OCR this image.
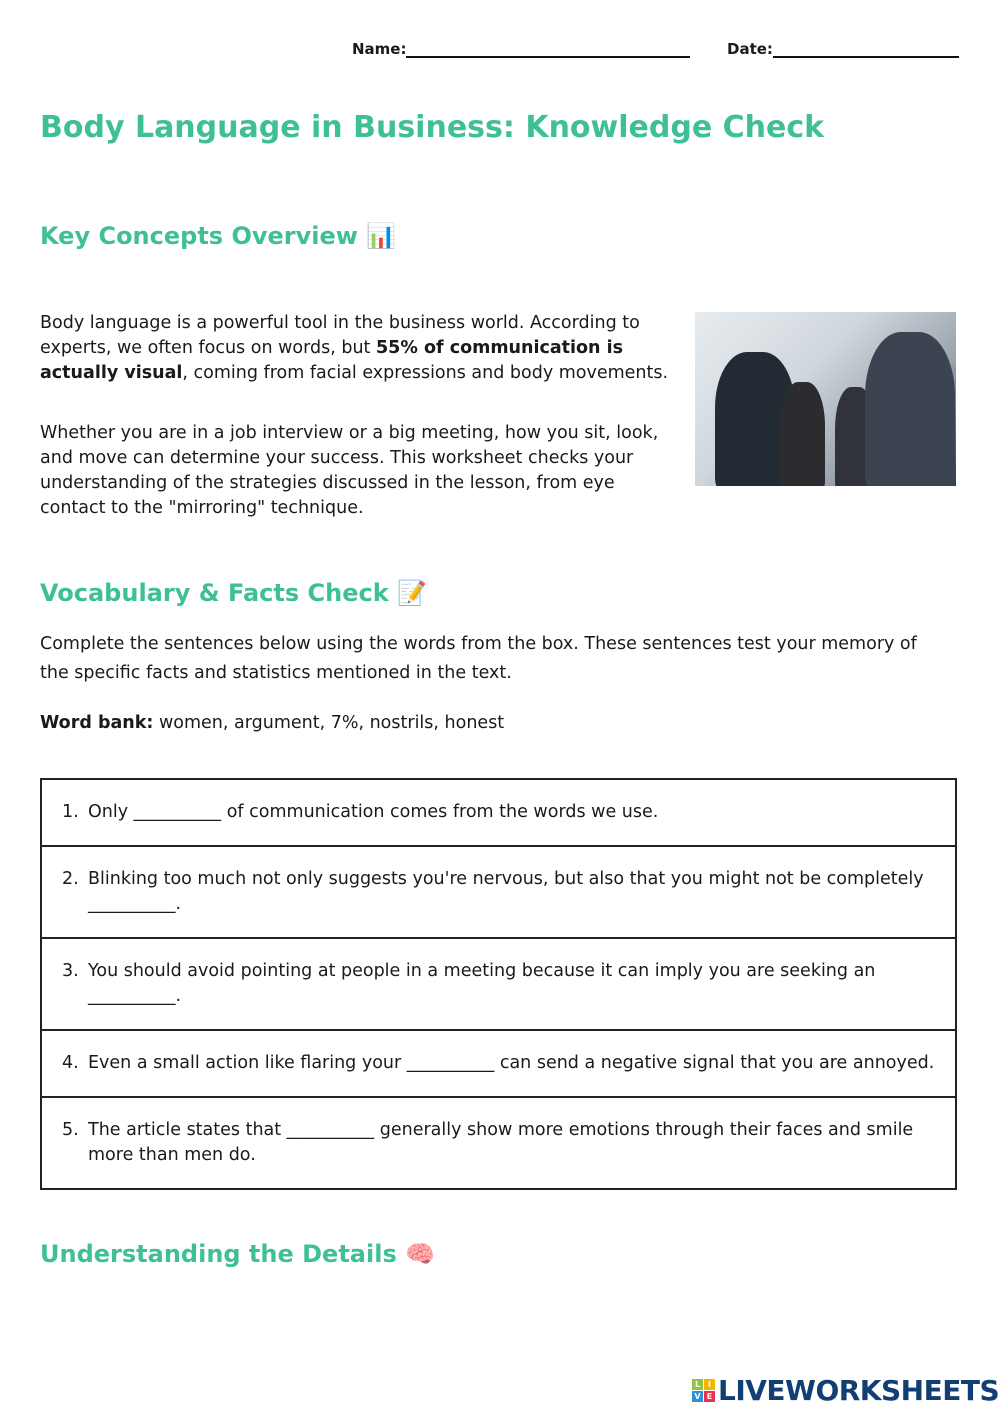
Name:	Date:
Body Language in Business: Knowledge Check
Key Concepts Overview 📊

Body language is a powerful tool in the business world. According to experts, we often focus on words, but 55% of communication is actually visual, coming from facial expressions and body movements.

Whether you are in a job interview or a big meeting, how you sit, look, and move can determine your success. This worksheet checks your understanding of the strategies discussed in the lesson, from eye contact to the "mirroring" technique.

Vocabulary & Facts Check 📝

Complete the sentences below using the words from the box. These sentences test your memory of the specific facts and statistics mentioned in the text.

Word bank: women, argument, 7%, nostrils, honest

1. Only __________ of communication comes from the words we use.

2. Blinking too much not only suggests you're nervous, but also that you might not be completely __________.

3. You should avoid pointing at people in a meeting because it can imply you are seeking an __________.

4. Even a small action like flaring your __________ can send a negative signal that you are annoyed.

5. The article states that __________ generally show more emotions through their faces and smile more than men do.
Understanding the Details 🧠
L I
V E LIVEWORKSHEETS
